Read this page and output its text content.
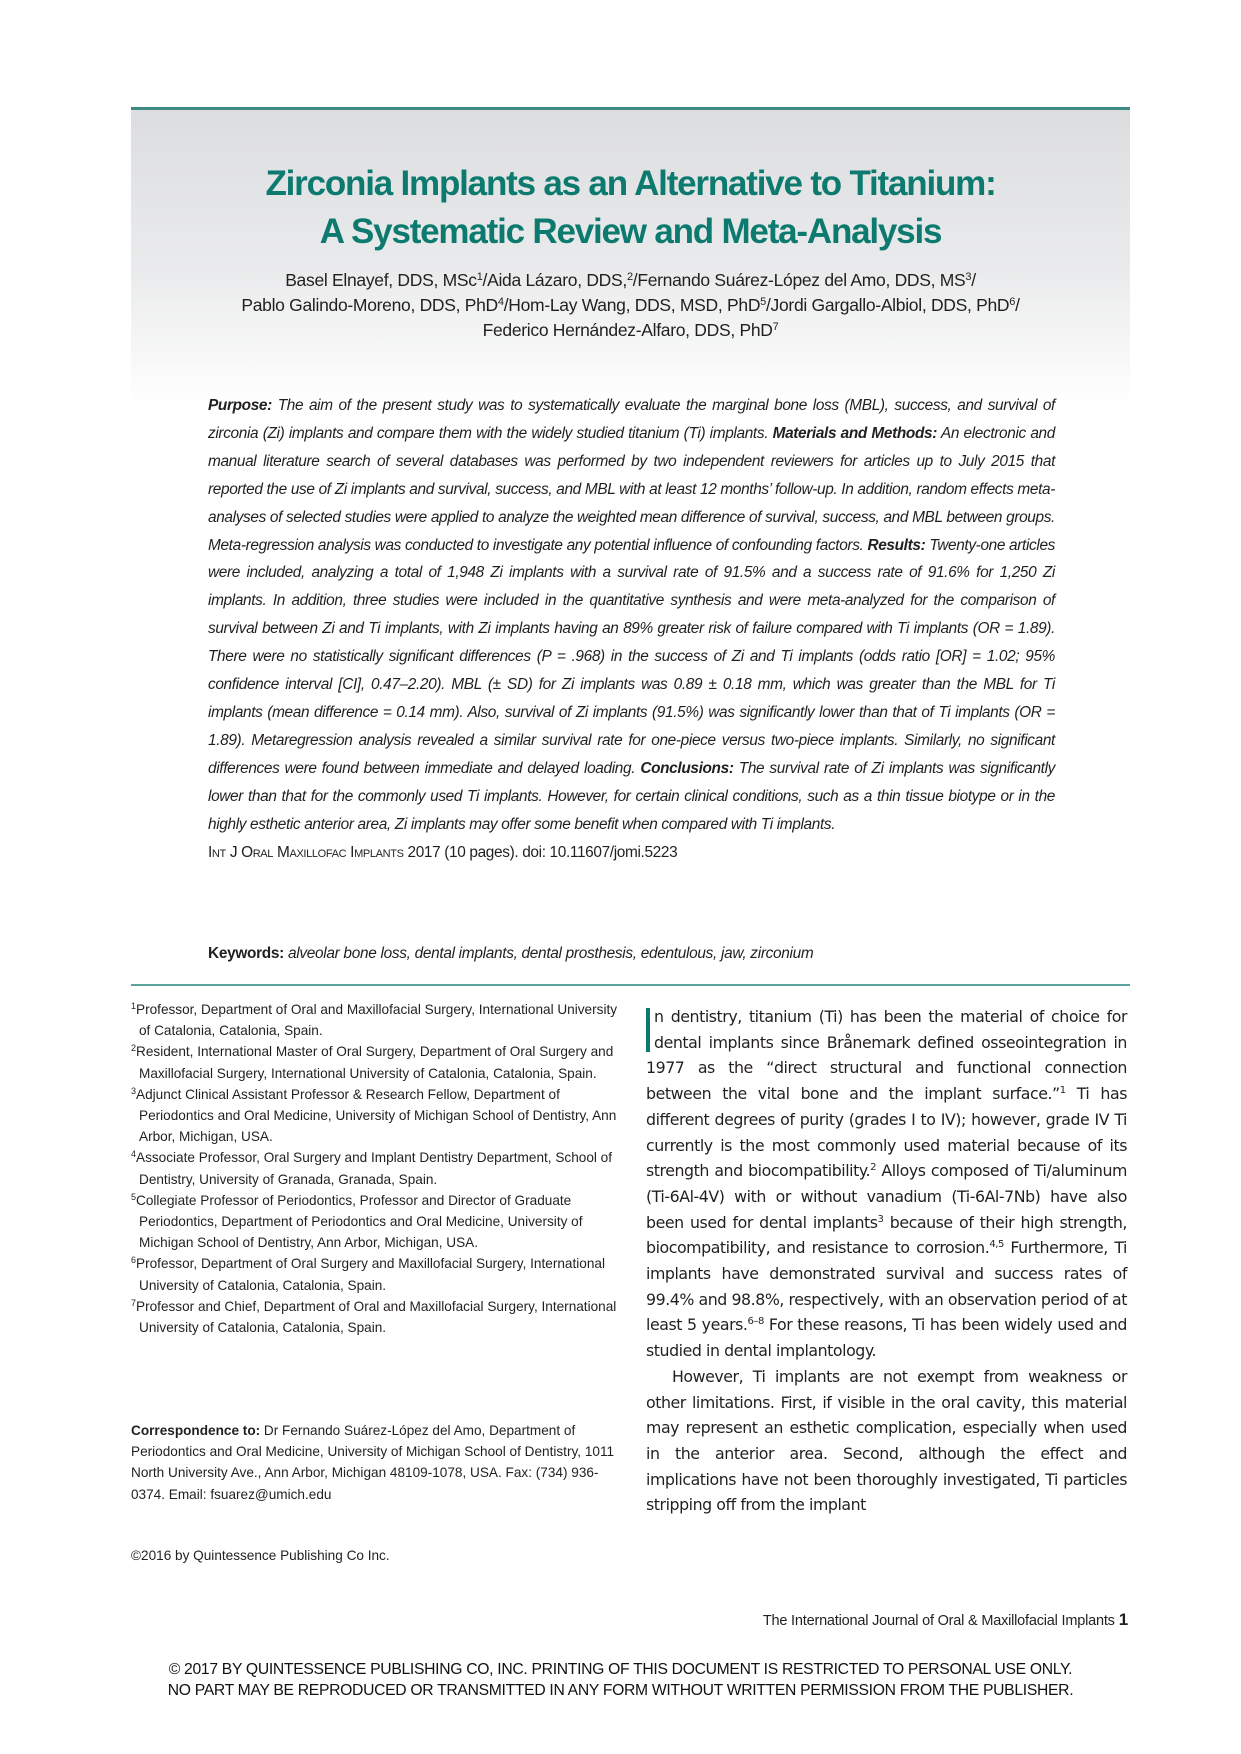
Zirconia Implants as an Alternative to Titanium:
A Systematic Review and Meta-Analysis
Basel Elnayef, DDS, MSc$^1$/Aida Lázaro, DDS,$^2$/Fernando Suárez-López del Amo, DDS, $MS^3/$
Pablo Galindo-Moreno, DDS, PhD$^4$/Hom-Lay Wang, DDS, MSD, PhD$^5$/Jordi Gargallo-Albiol, DDS, PhD$^6$/
Federico Hernández-Alfaro, DDS, PhD$^7$
Purpose: The aim of the present study was to systematically evaluate the marginal bone loss (MBL), success, and survival of zirconia (Zi) implants and compare them with the widely studied titanium (Ti) implants. Materials and Methods: An electronic and manual literature search of several databases was performed by two independent reviewers for articles up to July 2015 that reported the use of Zi implants and survival, success, and MBL with at least 12 months’ follow-up. In addition, random effects meta-analyses of selected studies were applied to analyze the weighted mean difference of survival, success, and MBL between groups. Meta-regression analysis was conducted to investigate any potential influence of confounding factors. Results: Twenty-one articles were included, analyzing a total of 1,948 Zi implants with a survival rate of 91.5% and a success rate of 91.6% for 1,250 Zi implants. In addition, three studies were included in the quantitative synthesis and were meta-analyzed for the comparison of survival between Zi and Ti implants, with Zi implants having an 89% greater risk of failure compared with Ti implants (OR = 1.89). There were no statistically significant differences (P = .968) in the success of Zi and Ti implants (odds ratio [OR] = 1.02; 95% confidence interval [CI], 0.47–2.20). MBL (± SD) for Zi implants was 0.89 ± 0.18 mm, which was greater than the MBL for Ti implants (mean difference = 0.14 mm). Also, survival of Zi implants (91.5%) was significantly lower than that of Ti implants (OR = 1.89). Metaregression analysis revealed a similar survival rate for one-piece versus two-piece implants. Similarly, no significant differences were found between immediate and delayed loading. Conclusions: The survival rate of Zi implants was significantly lower than that for the commonly used Ti implants. However, for certain clinical conditions, such as a thin tissue biotype or in the highly esthetic anterior area, Zi implants may offer some benefit when compared with Ti implants.
Int J Oral Maxillofac Implants 2017 (10 pages). doi: 10.11607/jomi.5223
Keywords: alveolar bone loss, dental implants, dental prosthesis, edentulous, jaw, zirconium
$^1$Professor, Department of Oral and Maxillofacial Surgery, International University of Catalonia, Catalonia, Spain.
$^2$Resident, International Master of Oral Surgery, Department of Oral Surgery and Maxillofacial Surgery, International University of Catalonia, Catalonia, Spain.
$^3$Adjunct Clinical Assistant Professor & Research Fellow, Department of Periodontics and Oral Medicine, University of Michigan School of Dentistry, Ann Arbor, Michigan, USA.
$^4$Associate Professor, Oral Surgery and Implant Dentistry Department, School of Dentistry, University of Granada, Granada, Spain.
$^5$Collegiate Professor of Periodontics, Professor and Director of Graduate Periodontics, Department of Periodontics and Oral Medicine, University of Michigan School of Dentistry, Ann Arbor, Michigan, USA.
$^6$Professor, Department of Oral Surgery and Maxillofacial Surgery, International University of Catalonia, Catalonia, Spain.
$^7$Professor and Chief, Department of Oral and Maxillofacial Surgery, International University of Catalonia, Catalonia, Spain.
Correspondence to: Dr Fernando Suárez-López del Amo, Department of Periodontics and Oral Medicine, University of Michigan School of Dentistry, 1011 North University Ave., Ann Arbor, Michigan 48109-1078, USA. Fax: (734) 936-0374. Email: fsuarez@umich.edu
©2016 by Quintessence Publishing Co Inc.

n dentistry, titanium (Ti) has been the material of choice for dental implants since Brånemark defined osseointegration in 1977 as the “direct structural and functional connection between the vital bone and the implant surface.”$^1$ Ti has different degrees of purity (grades I to IV); however, grade IV Ti currently is the most commonly used material because of its strength and biocompatibility.$^2$ Alloys composed of Ti/aluminum (Ti-6Al-4V) with or without vanadium (Ti-6Al-7Nb) have also been used for dental implants$^3$ because of their high strength, biocompatibility, and resistance to corrosion.$^{4,5}$ Furthermore, Ti implants have demonstrated survival and success rates of 99.4% and 98.8%, respectively, with an observation period of at least 5 years.$^{6-8}$ For these reasons, Ti has been widely used and studied in dental implantology.

However, Ti implants are not exempt from weakness or other limitations. First, if visible in the oral cavity, this material may represent an esthetic complication, especially when used in the anterior area. Second, although the effect and implications have not been thoroughly investigated, Ti particles stripping off from the implant

The International Journal of Oral & Maxillofacial Implants 1
© 2017 BY QUINTESSENCE PUBLISHING CO, INC. PRINTING OF THIS DOCUMENT IS RESTRICTED TO PERSONAL USE ONLY.
NO PART MAY BE REPRODUCED OR TRANSMITTED IN ANY FORM WITHOUT WRITTEN PERMISSION FROM THE PUBLISHER.
